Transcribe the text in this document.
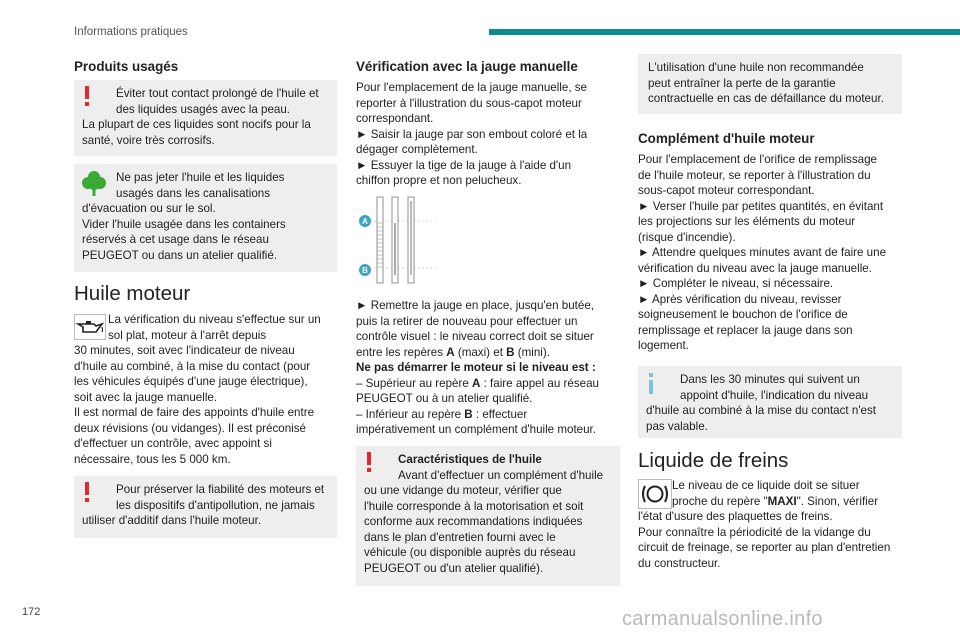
Informations pratiques
Produits usagés
Éviter tout contact prolongé de l'huile et
des liquides usagés avec la peau.
La plupart de ces liquides sont nocifs pour la
santé, voire très corrosifs.
Ne pas jeter l'huile et les liquides
usagés dans les canalisations
d'évacuation ou sur le sol.
Vider l'huile usagée dans les containers
réservés à cet usage dans le réseau
PEUGEOT ou dans un atelier qualifié.
Huile moteur
La vérification du niveau s'effectue sur un
sol plat, moteur à l'arrêt depuis
30 minutes, soit avec l'indicateur de niveau
d'huile au combiné, à la mise du contact (pour
les véhicules équipés d'une jauge électrique),
soit avec la jauge manuelle.
Il est normal de faire des appoints d'huile entre
deux révisions (ou vidanges). Il est préconisé
d'effectuer un contrôle, avec appoint si
nécessaire, tous les 5 000 km.
Pour préserver la fiabilité des moteurs et
les dispositifs d'antipollution, ne jamais
utiliser d'additif dans l'huile moteur.
Vérification avec la jauge manuelle
Pour l'emplacement de la jauge manuelle, se
reporter à l'illustration du sous-capot moteur
correspondant.
► Saisir la jauge par son embout coloré et la
dégager complètement.
► Essuyer la tige de la jauge à l'aide d'un
chiffon propre et non pelucheux.
A
B
► Remettre la jauge en place, jusqu'en butée,
puis la retirer de nouveau pour effectuer un
contrôle visuel : le niveau correct doit se situer
entre les repères A (maxi) et B (mini).
Ne pas démarrer le moteur si le niveau est :
– Supérieur au repère A : faire appel au réseau
PEUGEOT ou à un atelier qualifié.
– Inférieur au repère B : effectuer
impérativement un complément d'huile moteur.
Caractéristiques de l'huile
Avant d'effectuer un complément d'huile
ou une vidange du moteur, vérifier que
l'huile corresponde à la motorisation et soit
conforme aux recommandations indiquées
dans le plan d'entretien fourni avec le
véhicule (ou disponible auprès du réseau
PEUGEOT ou d'un atelier qualifié).
L'utilisation d'une huile non recommandée
peut entraîner la perte de la garantie
contractuelle en cas de défaillance du moteur.
Complément d'huile moteur
Pour l'emplacement de l'orifice de remplissage
de l'huile moteur, se reporter à l'illustration du
sous-capot moteur correspondant.
► Verser l'huile par petites quantités, en évitant
les projections sur les éléments du moteur
(risque d'incendie).
► Attendre quelques minutes avant de faire une
vérification du niveau avec la jauge manuelle.
► Compléter le niveau, si nécessaire.
► Après vérification du niveau, revisser
soigneusement le bouchon de l'orifice de
remplissage et replacer la jauge dans son
logement.
Dans les 30 minutes qui suivent un
appoint d'huile, l'indication du niveau
d'huile au combiné à la mise du contact n'est
pas valable.
Liquide de freins
Le niveau de ce liquide doit se situer
proche du repère "MAXI". Sinon, vérifier
l'état d'usure des plaquettes de freins.
Pour connaître la périodicité de la vidange du
circuit de freinage, se reporter au plan d'entretien
du constructeur.
172	carmanualsonline.info
